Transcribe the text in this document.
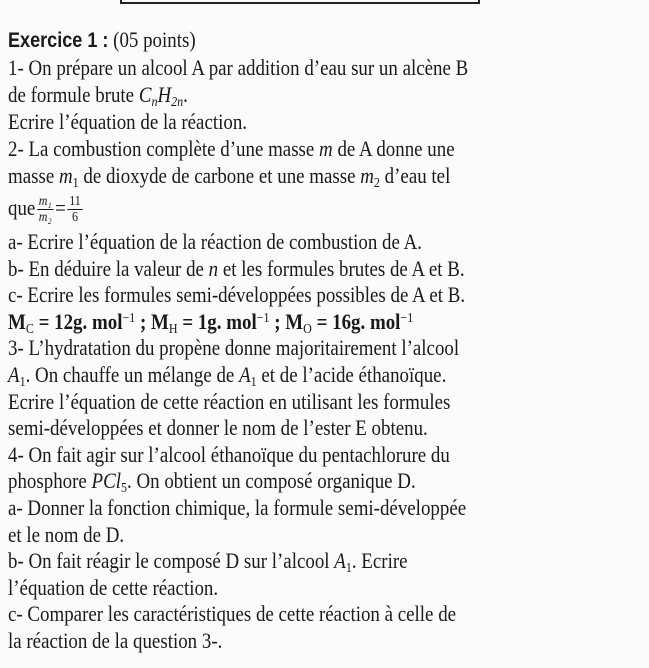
Exercice 1 : (05 points)
1- On prépare un alcool A par addition d’eau sur un alcène B
de formule brute $C_nH_{2n}$.
Ecrire l’équation de la réaction.
2- La combustion complète d’une masse m de A donne une
masse m1 de dioxyde de carbone et une masse m2 d’eau tel
que $\frac{\text{m₁}}{\text{m₂}} = \frac{11}{6}$
a- Ecrire l’équation de la réaction de combustion de A.
b- En déduire la valeur de n et les formules brutes de A et B.
c- Ecrire les formules semi-développées possibles de A et B.
MC = 12g. mol$^{-1}$ ; MH = 1g. mol$^{-1}$ ; MO = 16g. mol$^{-1}$
3- L’hydratation du propène donne majoritairement l’alcool
A1. On chauffe un mélange de A1 et de l’acide éthanoïque.
Ecrire l’équation de cette réaction en utilisant les formules
semi-développées et donner le nom de l’ester E obtenu.
4- On fait agir sur l’alcool éthanoïque du pentachlorure du
phosphore PCl5. On obtient un composé organique D.
a- Donner la fonction chimique, la formule semi-développée
et le nom de D.
b- On fait réagir le composé D sur l’alcool A1. Ecrire
l’équation de cette réaction.
c- Comparer les caractéristiques de cette réaction à celle de
la réaction de la question 3-.
